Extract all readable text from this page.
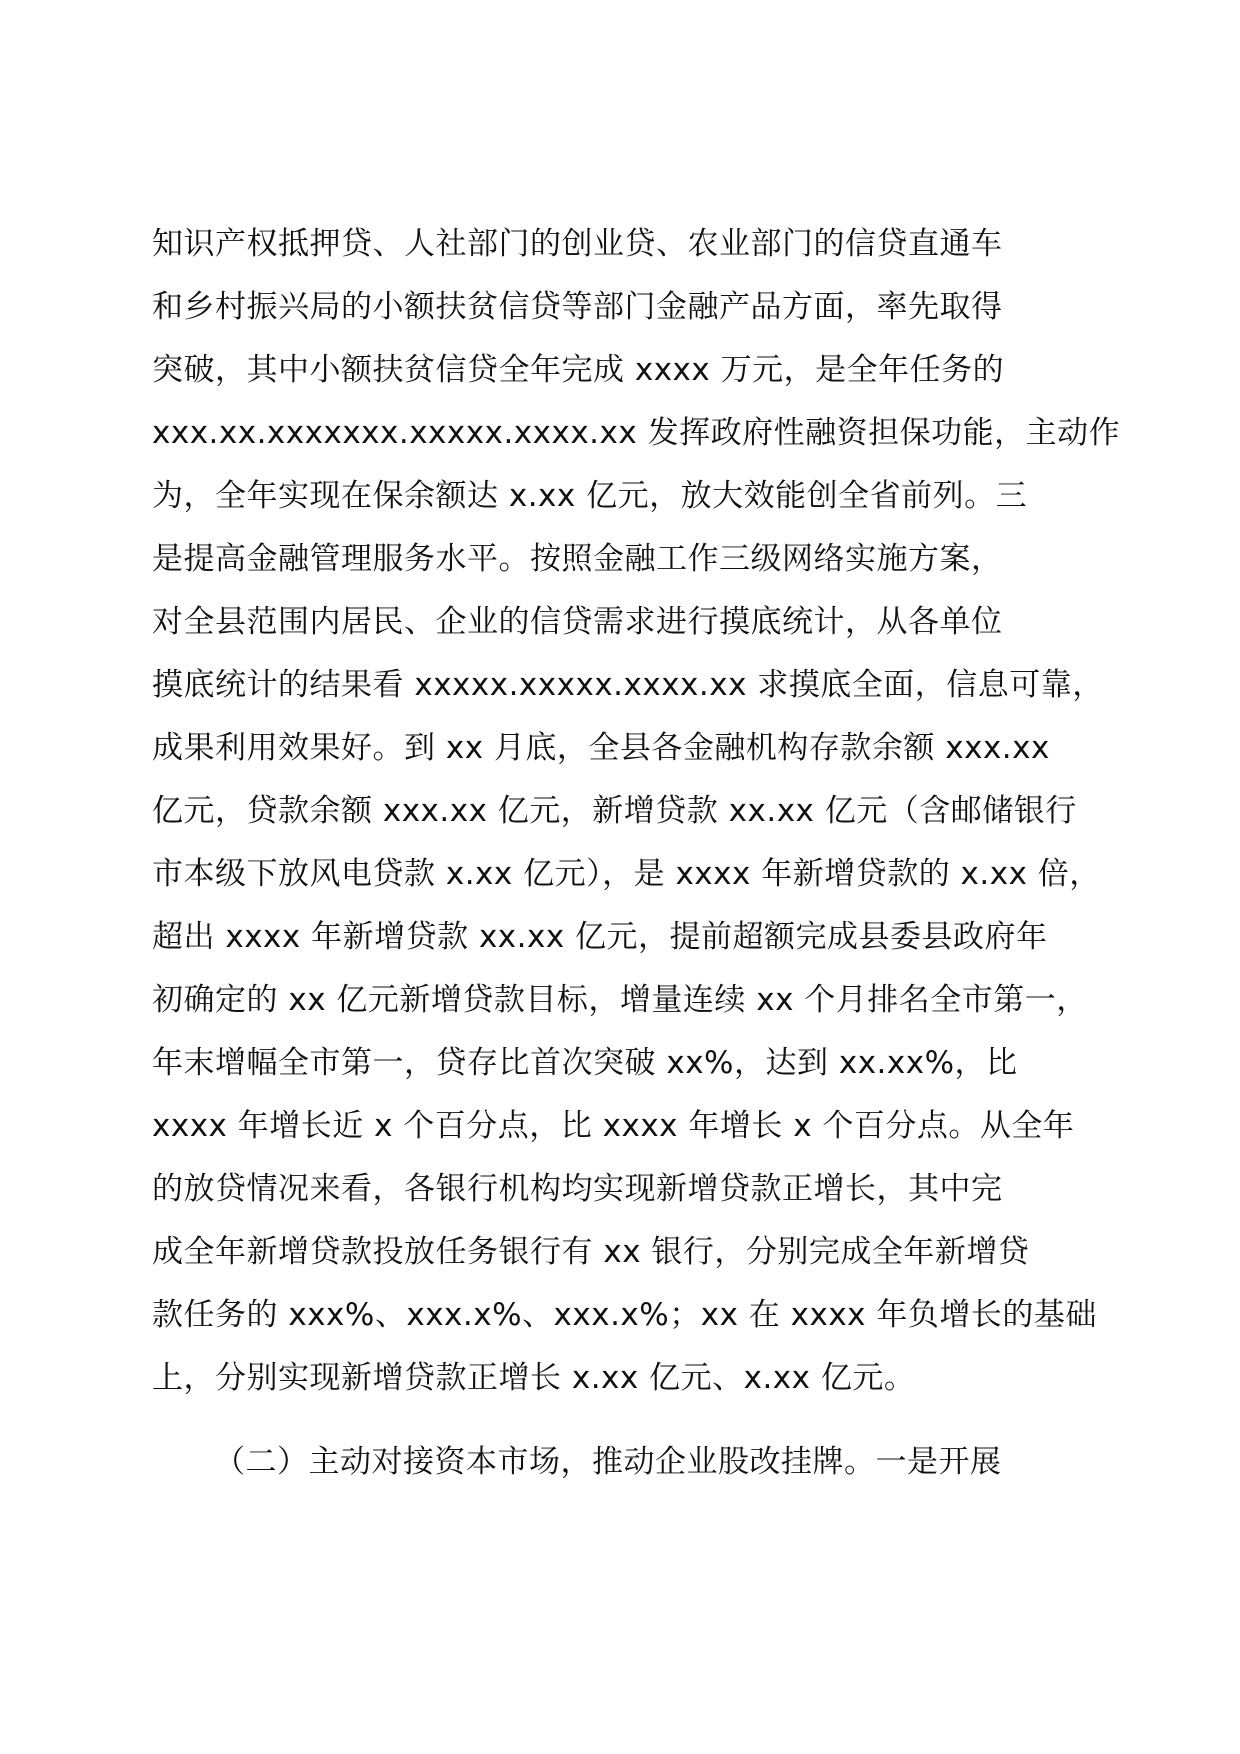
知识产权抵押贷、人社部门的创业贷、农业部门的信贷直通车
和乡村振兴局的小额扶贫信贷等部门金融产品方面，率先取得
突破，其中小额扶贫信贷全年完成 xxxx 万元，是全年任务的
xxx.xx.xxxxxxx.xxxxx.xxxx.xx 发挥政府性融资担保功能，主动作
为，全年实现在保余额达 x.xx 亿元，放大效能创全省前列。三
是提高金融管理服务水平。按照金融工作三级网络实施方案，
对全县范围内居民、企业的信贷需求进行摸底统计，从各单位
摸底统计的结果看 xxxxx.xxxxx.xxxx.xx 求摸底全面，信息可靠，
成果利用效果好。到 xx 月底，全县各金融机构存款余额 xxx.xx
亿元，贷款余额 xxx.xx 亿元，新增贷款 xx.xx 亿元（含邮储银行
市本级下放风电贷款 x.xx 亿元），是 xxxx 年新增贷款的 x.xx 倍，
超出 xxxx 年新增贷款 xx.xx 亿元，提前超额完成县委县政府年
初确定的 xx 亿元新增贷款目标，增量连续 xx 个月排名全市第一，
年末增幅全市第一，贷存比首次突破 xx%，达到 xx.xx%，比
xxxx 年增长近 x 个百分点，比 xxxx 年增长 x 个百分点。从全年
的放贷情况来看，各银行机构均实现新增贷款正增长，其中完
成全年新增贷款投放任务银行有 xx 银行，分别完成全年新增贷
款任务的 xxx%、xxx.x%、xxx.x%；xx 在 xxxx 年负增长的基础
上，分别实现新增贷款正增长 x.xx 亿元、x.xx 亿元。
（二）主动对接资本市场，推动企业股改挂牌。一是开展
